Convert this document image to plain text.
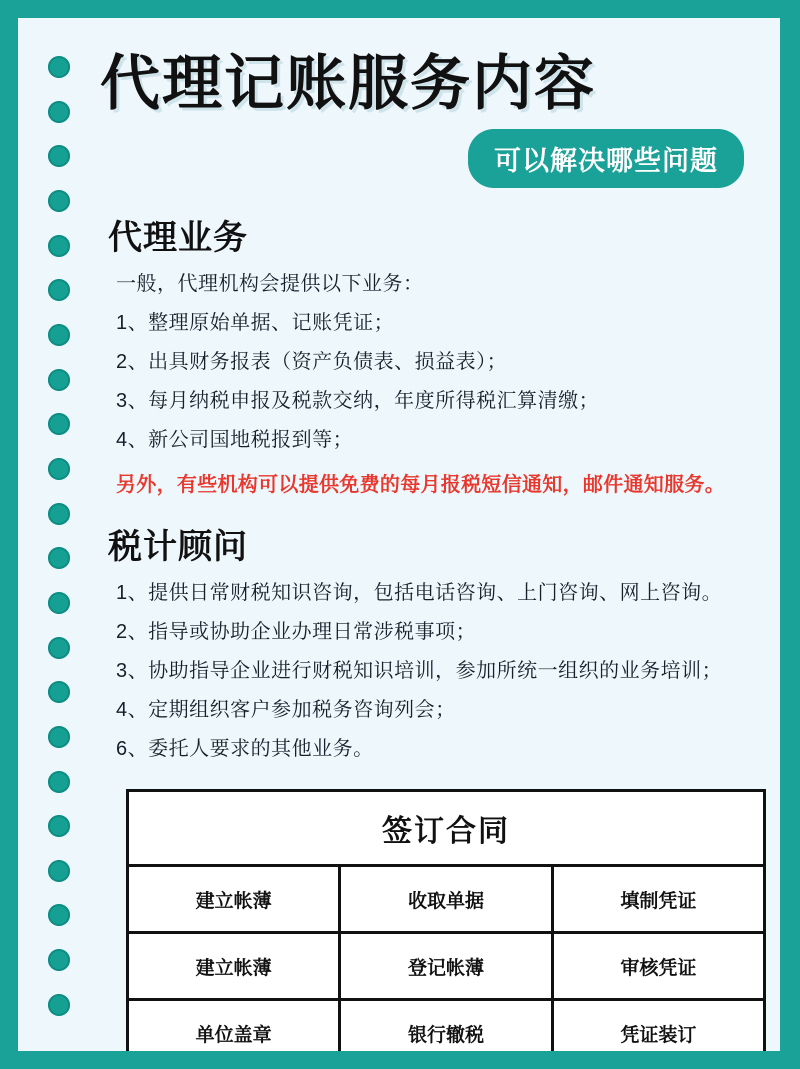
代理记账服务内容
可以解决哪些问题
代理业务

一般，代理机构会提供以下业务：

1、整理原始单据、记账凭证；

2、出具财务报表（资产负债表、损益表）；

3、每月纳税申报及税款交纳，年度所得税汇算清缴；

4、新公司国地税报到等；

另外，有些机构可以提供免费的每月报税短信通知，邮件通知服务。

税计顾问

1、提供日常财税知识咨询，包括电话咨询、上门咨询、网上咨询。

2、指导或协助企业办理日常涉税事项；

3、协助指导企业进行财税知识培训，参加所统一组织的业务培训；

4、定期组织客户参加税务咨询列会；

6、委托人要求的其他业务。

签订合同		
建立帐薄	收取单据	填制凭证
建立帐薄	登记帐薄	审核凭证
单位盖章	银行辙税	凭证装订
